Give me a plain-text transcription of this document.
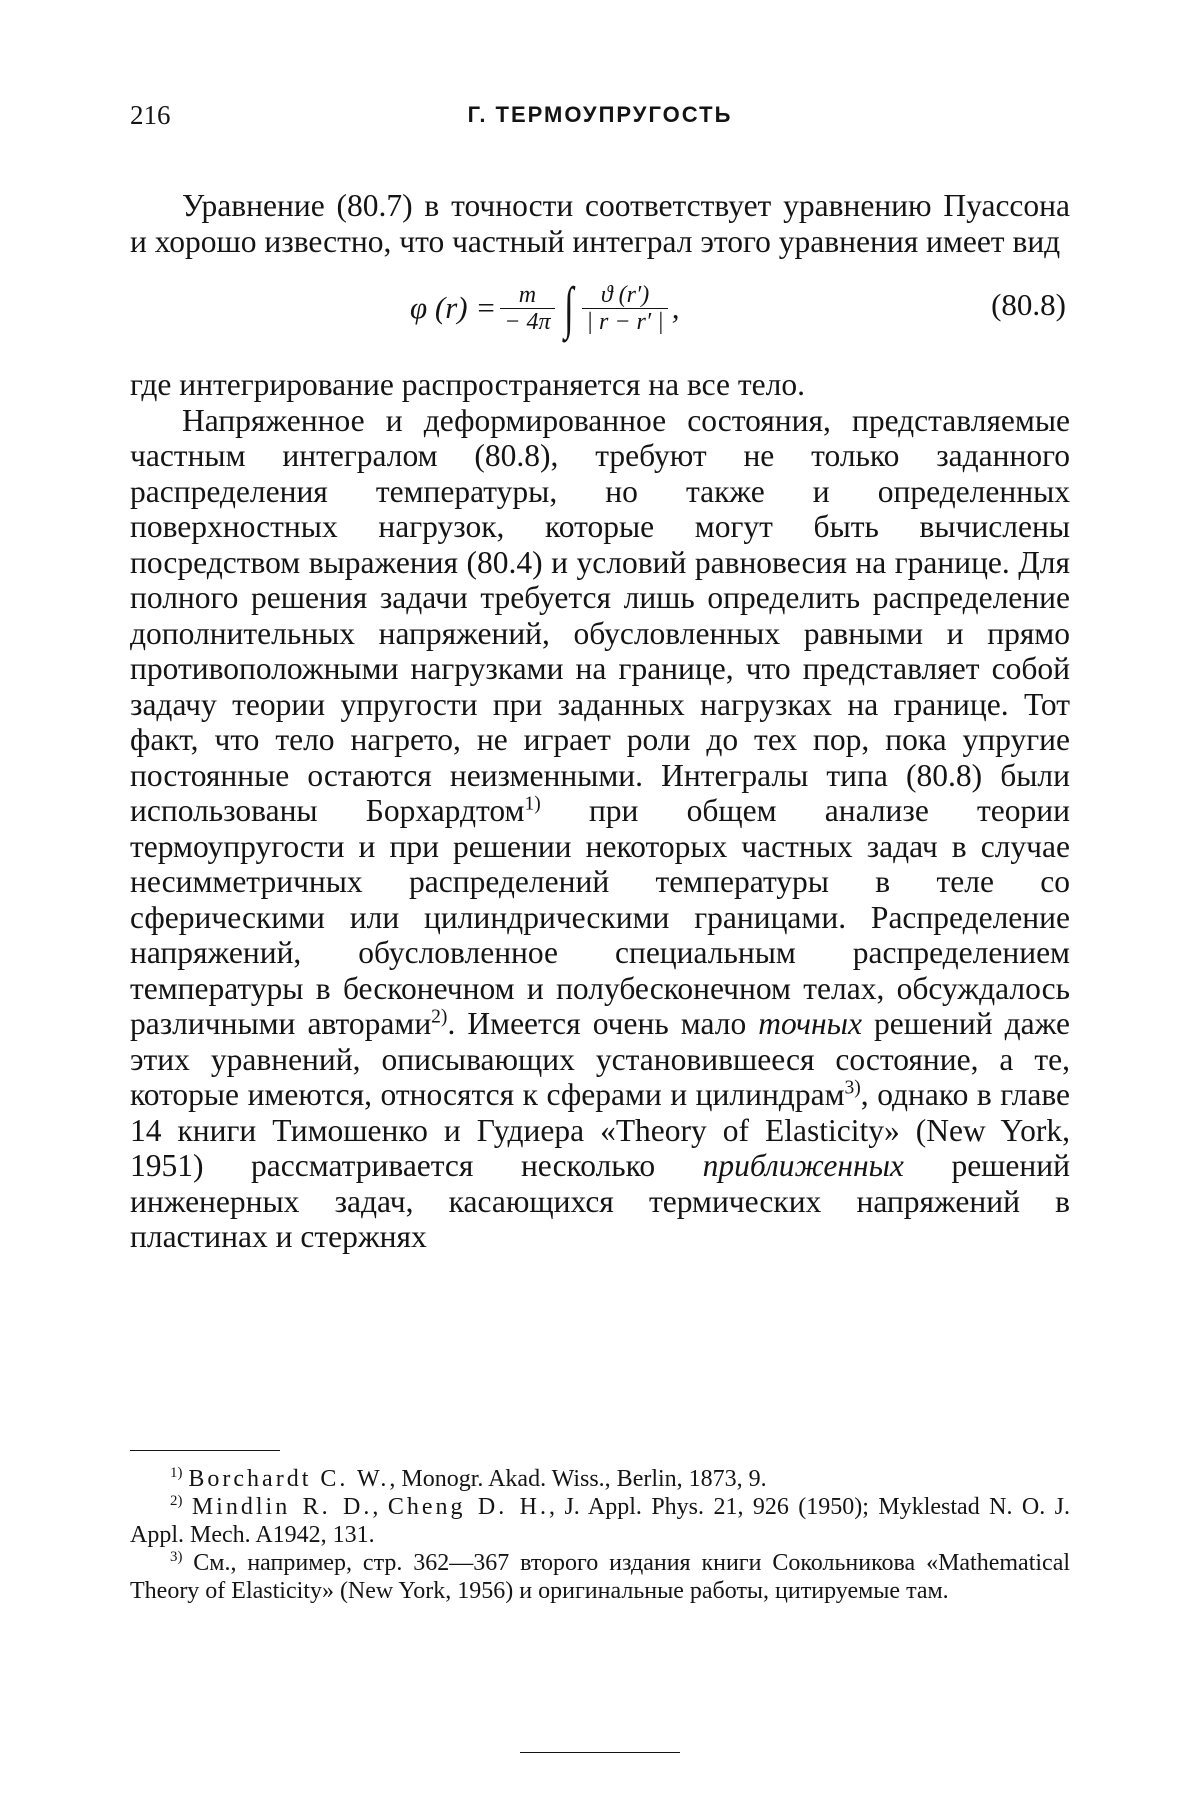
216	Г. ТЕРМОУПРУГОСТЬ

Уравнение (80.7) в точности соответствует уравнению Пуассона и хорошо известно, что частный интеграл этого уравнения имеет вид

φ $(r) = \frac{m}{- 4\pi}$ ∫ $\frac{ϑ (r')}{| r - r' |}$ ,	(80.8)

где интегрирование распространяется на все тело.

Напряженное и деформированное состояния, представляемые частным интегралом (80.8), требуют не только заданного распределения температуры, но также и определенных поверхностных нагрузок, которые могут быть вычислены посредством выражения (80.4) и условий равновесия на границе. Для полного решения задачи требуется лишь определить распределение дополнительных напряжений, обусловленных равными и прямо противоположными нагрузками на границе, что представляет собой задачу теории упругости при заданных нагрузках на границе. Тот факт, что тело нагрето, не играет роли до тех пор, пока упругие постоянные остаются неизменными. Интегралы типа (80.8) были использованы Борхардтом$^{1)}$ при общем анализе теории термоупругости и при решении некоторых частных задач в случае несимметричных распределений температуры в теле со сферическими или цилиндрическими границами. Распределение напряжений, обусловленное специальным распределением температуры в бесконечном и полубесконечном телах, обсуждалось различными авторами$^{2)}$. Имеется очень мало точных решений даже этих уравнений, описывающих установившееся состояние, а те, которые имеются, относятся к сферами и цилиндрам$^{3)}$, однако в главе 14 книги Тимошенко и Гудиера «Theory of Elasticity» (New York, 1951) рассматривается несколько приближенных решений инженерных задач, касающихся термических напряжений в пластинах и стержнях

$^{1)}$ Borchardt C. W., Monogr. Akad. Wiss., Berlin, 1873, 9.

$^{2)}$ Mindlin R. D., Cheng D. H., J. Appl. Phys. 21, 926 (1950); Myklestad N. O. J. Appl. Mech. A1942, 131.

$^{3)}$ См., например, стр. 362—367 второго издания книги Сокольникова «Mathematical Theory of Elasticity» (New York, 1956) и оригинальные работы, цитируемые там.
